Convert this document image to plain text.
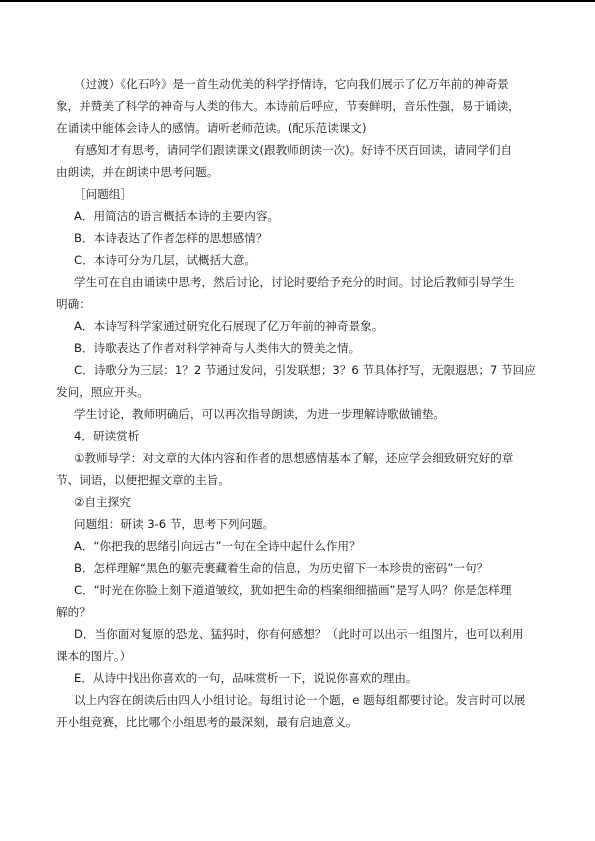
（过渡）《化石吟》是一首生动优美的科学抒情诗，它向我们展示了亿万年前的神奇景
象，并赞美了科学的神奇与人类的伟大。本诗前后呼应，节奏鲜明，音乐性强，易于诵读，
在诵读中能体会诗人的感情。请听老师范读。(配乐范读课文)
有感知才有思考，请同学们跟读课文(跟教师朗读一次)。好诗不厌百回读，请同学们自
由朗读，并在朗读中思考问题。
［问题组］
A．用简洁的语言概括本诗的主要内容。
B．本诗表达了作者怎样的思想感情？
C．本诗可分为几层，试概括大意。
学生可在自由诵读中思考，然后讨论，讨论时要给予充分的时间。讨论后教师引导学生
明确：
A．本诗写科学家通过研究化石展现了亿万年前的神奇景象。
B．诗歌表达了作者对科学神奇与人类伟大的赞美之情。
C．诗歌分为三层：1？2 节通过发问，引发联想；3？6 节具体抒写，无限遐思；7 节回应
发问，照应开头。
学生讨论，教师明确后，可以再次指导朗读，为进一步理解诗歌做铺垫。
4．研读赏析
①教师导学：对文章的大体内容和作者的思想感情基本了解，还应学会细致研究好的章
节、词语，以便把握文章的主旨。
②自主探究
问题组：研读 3-6 节，思考下列问题。
A．“你把我的思绪引向远古”一句在全诗中起什么作用？
B．怎样理解“黑色的躯壳裹藏着生命的信息，为历史留下一本珍贵的密码”一句？
C．“时光在你脸上刻下道道皱纹，犹如把生命的档案细细描画”是写人吗？你是怎样理
解的？
D．当你面对复原的恐龙、猛犸时，你有何感想？（此时可以出示一组图片，也可以利用
课本的图片。）
E．从诗中找出你喜欢的一句，品味赏析一下，说说你喜欢的理由。
以上内容在朗读后由四人小组讨论。每组讨论一个题，e 题每组都要讨论。发言时可以展
开小组竞赛，比比哪个小组思考的最深刻，最有启迪意义。
